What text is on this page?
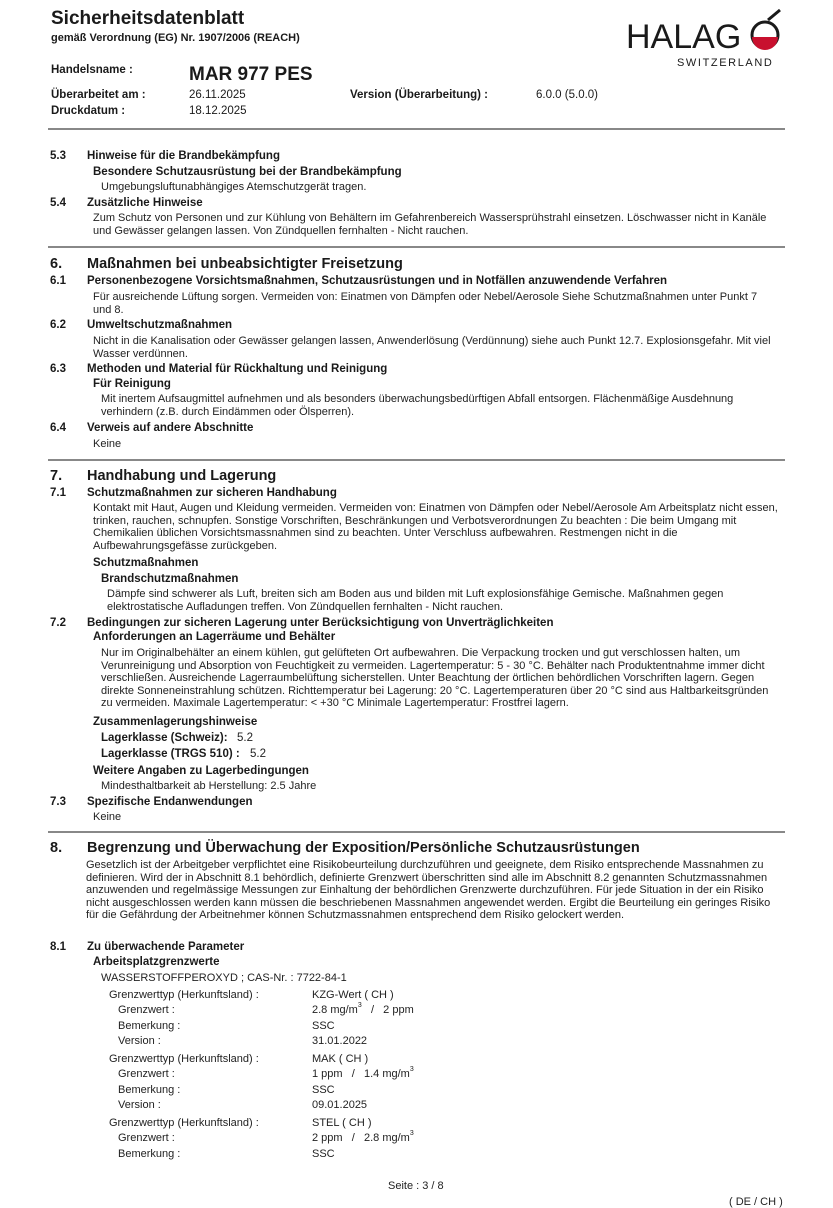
Sicherheitsdatenblatt
gemäß Verordnung (EG) Nr. 1907/2006 (REACH)	HALAG
SWITZERLAND
Handelsname :	MAR 977 PES
Überarbeitet am :	26.11.2025	Version (Überarbeitung) :	6.0.0 (5.0.0)
Druckdatum :	18.12.2025
5.3 Hinweise für die Brandbekämpfung
Besondere Schutzausrüstung bei der Brandbekämpfung
Umgebungsluftunabhängiges Atemschutzgerät tragen.
5.4 Zusätzliche Hinweise
Zum Schutz von Personen und zur Kühlung von Behältern im Gefahrenbereich Wassersprühstrahl einsetzen. Löschwasser nicht in Kanäle und Gewässer gelangen lassen. Von Zündquellen fernhalten - Nicht rauchen.
6. Maßnahmen bei unbeabsichtigter Freisetzung
6.1 Personenbezogene Vorsichtsmaßnahmen, Schutzausrüstungen und in Notfällen anzuwendende Verfahren
Für ausreichende Lüftung sorgen. Vermeiden von: Einatmen von Dämpfen oder Nebel/Aerosole Siehe Schutzmaßnahmen unter Punkt 7 und 8.
6.2 Umweltschutzmaßnahmen
Nicht in die Kanalisation oder Gewässer gelangen lassen, Anwenderlösung (Verdünnung) siehe auch Punkt 12.7. Explosionsgefahr. Mit viel Wasser verdünnen.
6.3 Methoden und Material für Rückhaltung und Reinigung
Für Reinigung
Mit inertem Aufsaugmittel aufnehmen und als besonders überwachungsbedürftigen Abfall entsorgen. Flächenmäßige Ausdehnung verhindern (z.B. durch Eindämmen oder Ölsperren).
6.4 Verweis auf andere Abschnitte
Keine
7. Handhabung und Lagerung
7.1 Schutzmaßnahmen zur sicheren Handhabung
Kontakt mit Haut, Augen und Kleidung vermeiden. Vermeiden von: Einatmen von Dämpfen oder Nebel/Aerosole Am Arbeitsplatz nicht essen, trinken, rauchen, schnupfen. Sonstige Vorschriften, Beschränkungen und Verbotsverordnungen Zu beachten : Die beim Umgang mit Chemikalien üblichen Vorsichtsmassnahmen sind zu beachten. Unter Verschluss aufbewahren. Restmengen nicht in die Aufbewahrungsgefässe zurückgeben.
Schutzmaßnahmen
Brandschutzmaßnahmen
Dämpfe sind schwerer als Luft, breiten sich am Boden aus und bilden mit Luft explosionsfähige Gemische. Maßnahmen gegen elektrostatische Aufladungen treffen. Von Zündquellen fernhalten - Nicht rauchen.
7.2 Bedingungen zur sicheren Lagerung unter Berücksichtigung von Unverträglichkeiten
Anforderungen an Lagerräume und Behälter
Nur im Originalbehälter an einem kühlen, gut gelüfteten Ort aufbewahren. Die Verpackung trocken und gut verschlossen halten, um Verunreinigung und Absorption von Feuchtigkeit zu vermeiden. Lagertemperatur: 5 - 30 °C. Behälter nach Produktentnahme immer dicht verschließen. Ausreichende Lagerraumbelüftung sicherstellen. Unter Beachtung der örtlichen behördlichen Vorschriften lagern. Gegen direkte Sonneneinstrahlung schützen. Richttemperatur bei Lagerung: 20 °C. Lagertemperaturen über 20 °C sind aus Haltbarkeitsgründen zu vermeiden. Maximale Lagertemperatur: < +30 °C Minimale Lagertemperatur: Frostfrei lagern.
Zusammenlagerungshinweise
Lagerklasse (Schweiz): 5.2
Lagerklasse (TRGS 510) : 5.2
Weitere Angaben zu Lagerbedingungen
Mindesthaltbarkeit ab Herstellung: 2.5 Jahre
7.3 Spezifische Endanwendungen
Keine
8. Begrenzung und Überwachung der Exposition/Persönliche Schutzausrüstungen
Gesetzlich ist der Arbeitgeber verpflichtet eine Risikobeurteilung durchzuführen und geeignete, dem Risiko entsprechende Massnahmen zu definieren. Wird der in Abschnitt 8.1 behördlich, definierte Grenzwert überschritten sind alle im Abschnitt 8.2 genannten Schutzmassnahmen anzuwenden und regelmässige Messungen zur Einhaltung der behördlichen Grenzwerte durchzuführen. Für jede Situation in der ein Risiko nicht ausgeschlossen werden kann müssen die beschriebenen Massnahmen angewendet werden. Ergibt die Beurteilung ein geringes Risiko für die Gefährdung der Arbeitnehmer können Schutzmassnahmen entsprechend dem Risiko gelockert werden.
8.1 Zu überwachende Parameter
Arbeitsplatzgrenzwerte
WASSERSTOFFPEROXYD ; CAS-Nr. : 7722-84-1
Grenzwerttyp (Herkunftsland) :	KZG-Wert ( CH )
Grenzwert :	2.8 $mg/m^3 / 2$ ppm
Bemerkung :	SSC
Version :	31.01.2022
Grenzwerttyp (Herkunftsland) :	MAK ( CH )
Grenzwert :	1 ppm / 1.4 $mg/m^3$
Bemerkung :	SSC
Version :	09.01.2025
Grenzwerttyp (Herkunftsland) :	STEL ( CH )
Grenzwert :	2 ppm / 2.8 $mg/m^3$
Bemerkung :	SSC
Seite : 3 / 8
( DE / CH )
